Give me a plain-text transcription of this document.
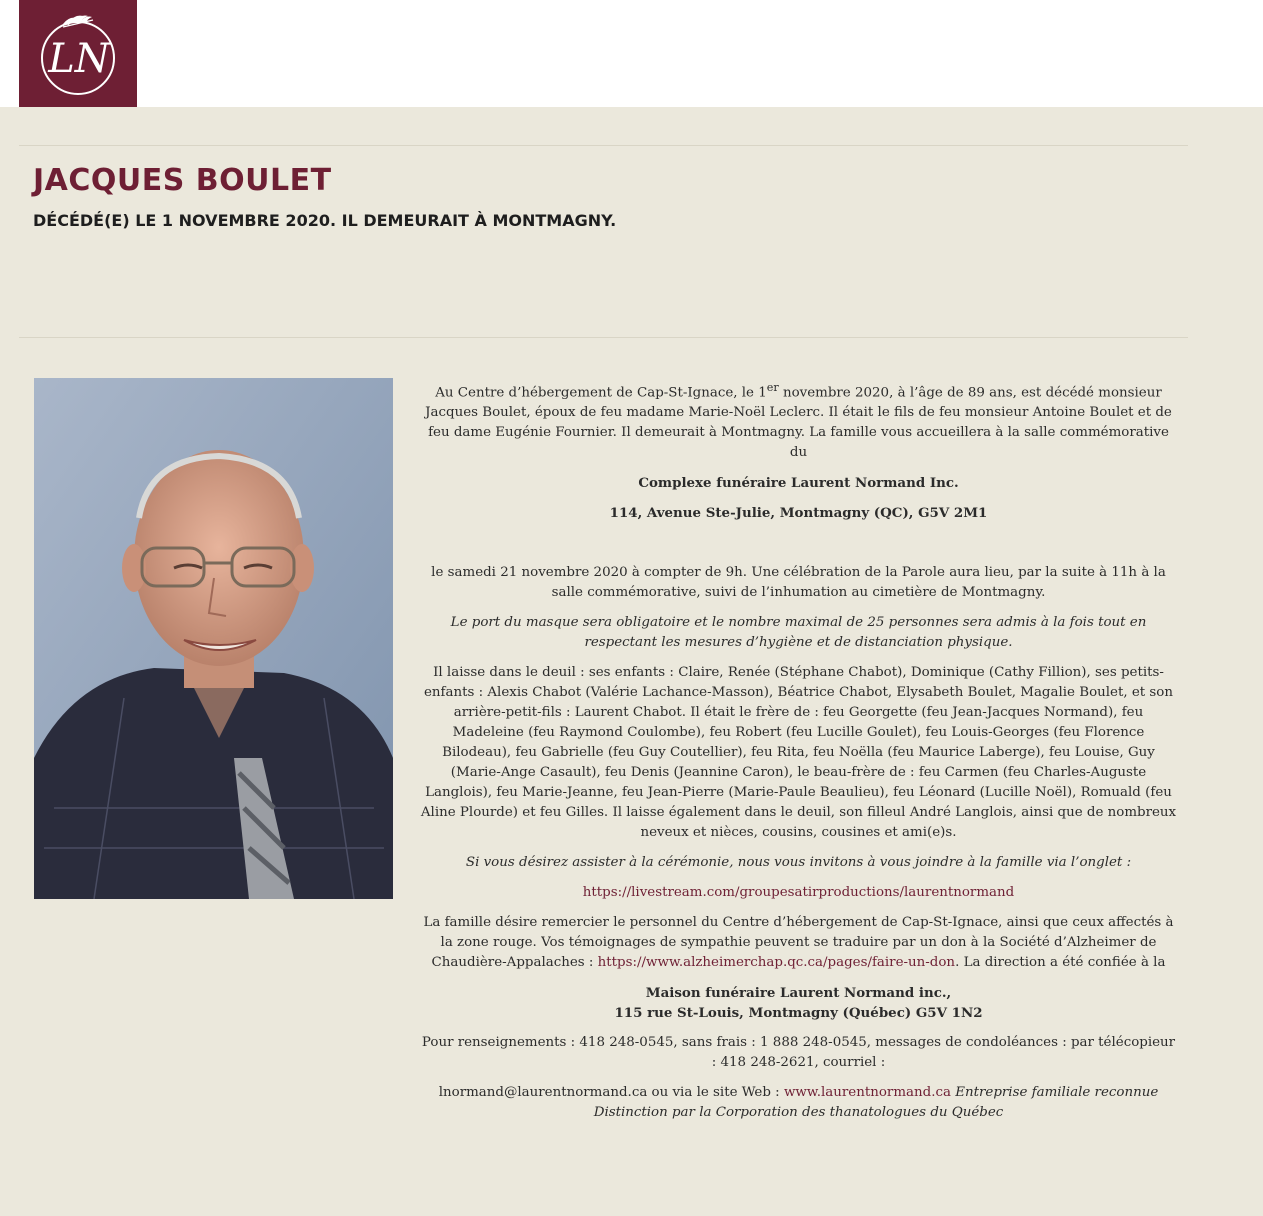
LN
JACQUES BOULET
DÉCÉDÉ(E) LE 1 NOVEMBRE 2020. IL DEMEURAIT À MONTMAGNY.

Au Centre d’hébergement de Cap-St-Ignace, le 1er novembre 2020, à l’âge de 89 ans, est décédé monsieur Jacques Boulet, époux de feu madame Marie-Noël Leclerc. Il était le fils de feu monsieur Antoine Boulet et de feu dame Eugénie Fournier. Il demeurait à Montmagny. La famille vous accueillera à la salle commémorative du

Complexe funéraire Laurent Normand Inc.

114, Avenue Ste-Julie, Montmagny (QC), G5V 2M1

le samedi 21 novembre 2020 à compter de 9h. Une célébration de la Parole aura lieu, par la suite à 11h à la salle commémorative, suivi de l’inhumation au cimetière de Montmagny.

Le port du masque sera obligatoire et le nombre maximal de 25 personnes sera admis à la fois tout en respectant les mesures d’hygiène et de distanciation physique.

Il laisse dans le deuil : ses enfants : Claire, Renée (Stéphane Chabot), Dominique (Cathy Fillion), ses petits-enfants : Alexis Chabot (Valérie Lachance-Masson), Béatrice Chabot, Elysabeth Boulet, Magalie Boulet, et son arrière-petit-fils : Laurent Chabot. Il était le frère de : feu Georgette (feu Jean-Jacques Normand), feu Madeleine (feu Raymond Coulombe), feu Robert (feu Lucille Goulet), feu Louis-Georges (feu Florence Bilodeau), feu Gabrielle (feu Guy Coutellier), feu Rita, feu Noëlla (feu Maurice Laberge), feu Louise, Guy (Marie-Ange Casault), feu Denis (Jeannine Caron), le beau-frère de : feu Carmen (feu Charles-Auguste Langlois), feu Marie-Jeanne, feu Jean-Pierre (Marie-Paule Beaulieu), feu Léonard (Lucille Noël), Romuald (feu Aline Plourde) et feu Gilles. Il laisse également dans le deuil, son filleul André Langlois, ainsi que de nombreux neveux et nièces, cousins, cousines et ami(e)s.

Si vous désirez assister à la cérémonie, nous vous invitons à vous joindre à la famille via l’onglet :

https://livestream.com/groupesatirproductions/laurentnormand

La famille désire remercier le personnel du Centre d’hébergement de Cap-St-Ignace, ainsi que ceux affectés à la zone rouge. Vos témoignages de sympathie peuvent se traduire par un don à la Société d’Alzheimer de Chaudière-Appalaches : https://www.alzheimerchap.qc.ca/pages/faire-un-don. La direction a été confiée à la

Maison funéraire Laurent Normand inc.,
115 rue St-Louis, Montmagny (Québec) G5V 1N2

Pour renseignements : 418 248-0545, sans frais : 1 888 248-0545, messages de condoléances : par télécopieur : 418 248-2621, courriel :

lnormand@laurentnormand.ca ou via le site Web : www.laurentnormand.ca Entreprise familiale reconnue Distinction par la Corporation des thanatologues du Québec
